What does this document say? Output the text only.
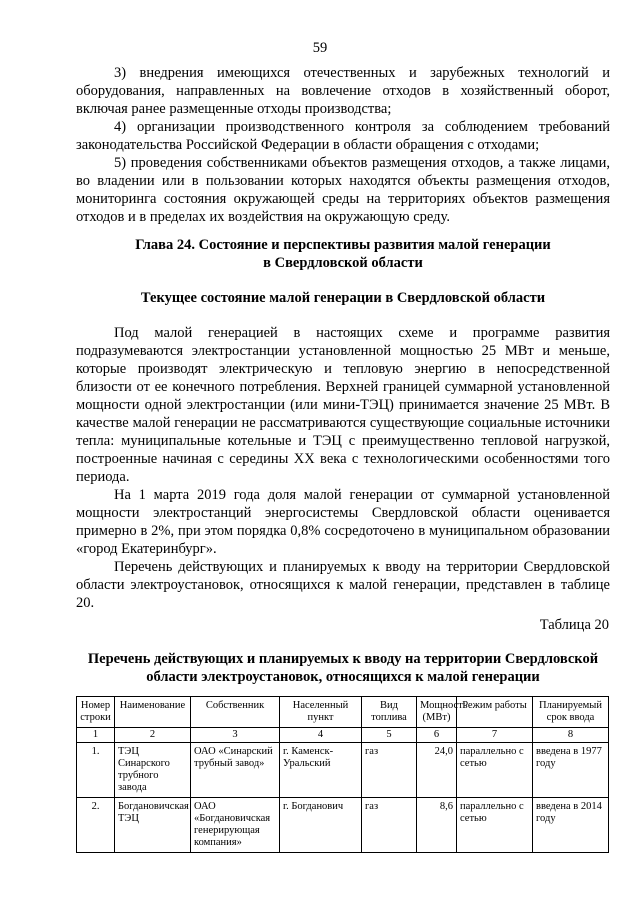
59

3) внедрения имеющихся отечественных и зарубежных технологий и оборудования, направленных на вовлечение отходов в хозяйственный оборот, включая ранее размещенные отходы производства;

4) организации производственного контроля за соблюдением требований законодательства Российской Федерации в области обращения с отходами;

5) проведения собственниками объектов размещения отходов, а также лицами, во владении или в пользовании которых находятся объекты размещения отходов, мониторинга состояния окружающей среды на территориях объектов размещения отходов и в пределах их воздействия на окружающую среду.

Глава 24. Состояние и перспективы развития малой генерации
в Свердловской области
Текущее состояние малой генерации в Свердловской области

Под малой генерацией в настоящих схеме и программе развития подразумеваются электростанции установленной мощностью 25 МВт и меньше, которые производят электрическую и тепловую энергию в непосредственной близости от ее конечного потребления. Верхней границей суммарной установленной мощности одной электростанции (или мини-ТЭЦ) принимается значение 25 МВт. В качестве малой генерации не рассматриваются существующие социальные источники тепла: муниципальные котельные и ТЭЦ с преимущественно тепловой нагрузкой, построенные начиная с середины XX века с технологическими особенностями того периода.

На 1 марта 2019 года доля малой генерации от суммарной установленной мощности электростанций энергосистемы Свердловской области оценивается примерно в 2%, при этом порядка 0,8% сосредоточено в муниципальном образовании «город Екатеринбург».

Перечень действующих и планируемых к вводу на территории Свердловской области электроустановок, относящихся к малой генерации, представлен в таблице 20.

Таблица 20
Перечень действующих и планируемых к вводу на территории Свердловской
области электроустановок, относящихся к малой генерации
Номер строки	Наименование	Собственник	Населенный пункт	Вид топлива	Мощность (МВт)	Режим работы	Планируемый срок ввода
1	2	3	4	5	6	7	8
1.	ТЭЦ Синарского трубного завода	ОАО «Синарский трубный завод»	г. Каменск-Уральский	газ	24,0	параллельно с сетью	введена в 1977 году
2.	Богдановичская ТЭЦ	ОАО «Богдановичская генерирующая компания»	г. Богданович	газ	8,6	параллельно с сетью	введена в 2014 году
